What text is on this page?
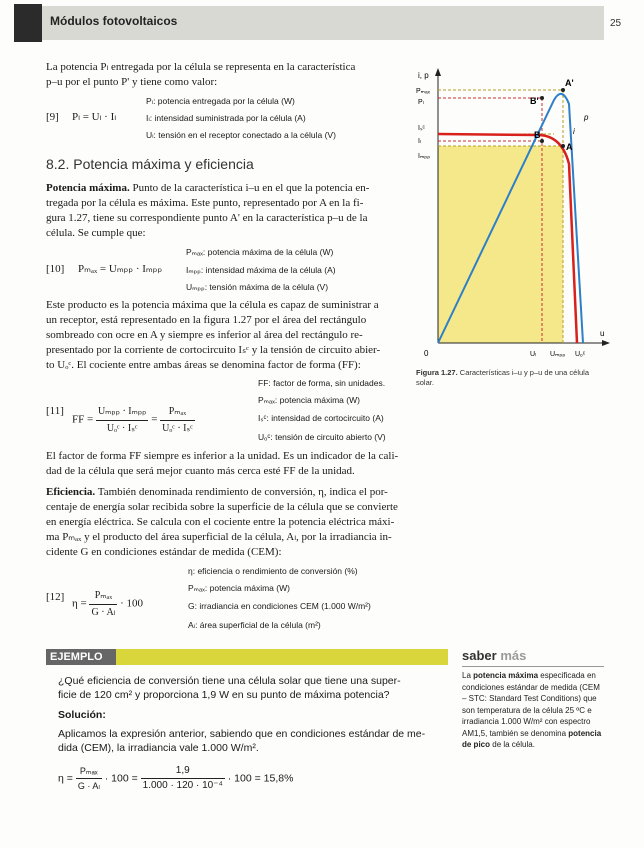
Módulos fotovoltaicos	25
La potencia Pₗ entregada por la célula se representa en la característica
p–u por el punto P' y tiene como valor:
Pₗ: potencia entregada por la célula (W)
[9] Pₗ = Uₗ · Iₗ	Iₗ: intensidad suministrada por la célula (A)
Uₗ: tensión en el receptor conectado a la célula (V)
8.2. Potencia máxima y eficiencia
Potencia máxima. Punto de la característica i–u en el que la potencia en-
tregada por la célula es máxima. Este punto, representado por A en la fi-
gura 1.27, tiene su correspondiente punto A' en la característica p–u de la
célula. Se cumple que:
Pₘₐₓ: potencia máxima de la célula (W)
[10] Pₘₐₓ = Uₘₚₚ · Iₘₚₚ	Iₘₚₚ: intensidad máxima de la célula (A)
Uₘₚₚ: tensión máxima de la célula (V)
Este producto es la potencia máxima que la célula es capaz de suministrar a
un receptor, está representado en la figura 1.27 por el área del rectángulo
sombreado con ocre en A y siempre es inferior al área del rectángulo re-
presentado por la corriente de cortocircuito Iₛᶜ y la tensión de circuito abier-
to Uₒᶜ. El cociente entre ambas áreas se denomina factor de forma (FF):
FF: factor de forma, sin unidades.
Pₘₐₓ: potencia máxima (W)
[11]
FF = $\frac{\text{Uₘₚₚ · Iₘₚₚ}}{\text{Uₒᶜ · Iₛᶜ}} = \frac{\text{Pₘₐₓ}}{\text{Uₒᶜ · Iₛᶜ}}$	Iₛᶜ: intensidad de cortocircuito (A)
Uₒᶜ: tensión de circuito abierto (V)
El factor de forma FF siempre es inferior a la unidad. Es un indicador de la cali-
dad de la célula que será mejor cuanto más cerca esté FF de la unidad.
Eficiencia. También denominada rendimiento de conversión, η, indica el por-
centaje de energía solar recibida sobre la superficie de la célula que se convierte
en energía eléctrica. Se calcula con el cociente entre la potencia eléctrica máxi-
ma Pₘₐₓ y el producto del área superficial de la célula, Aₗ, por la irradiancia in-
cidente G en condiciones estándar de medida (CEM):
η: eficiencia o rendimiento de conversión (%)
Pₘₐₓ: potencia máxima (W)
[12]
$\eta = \frac{\text{Pₘₐₓ}}{\text{G · Aₗ}} \cdot 100$	G: irradiancia en condiciones CEM (1.000 W/m²)
Aₗ: área superficial de la célula (m²)
EJEMPLO
¿Qué eficiencia de conversión tiene una célula solar que tiene una super-
ficie de 120 cm² y proporciona 1,9 W en su punto de máxima potencia?
Solución:
Aplicamos la expresión anterior, sabiendo que en condiciones estándar de me-
dida (CEM), la irradiancia vale 1.000 W/m².
$\eta = \frac{\text{Pₘₐₓ}}{\text{G · Aₗ}} \cdot 100 = \frac{1,9}{\text{1.000 · 120 · 10⁻⁴}} \cdot 100 = 15,8\%$
saber más
La potencia máxima especificada en condiciones estándar de medida (CEM – STC: Standard Test Conditions) que son temperatura de la célula 25 ºC e irradiancia 1.000 W/m² con espectro AM1,5, también se denomina potencia de pico de la célula.
i, p
u
0
Pₘₐₓ
Pₗ
Iₛᶜ
Iₗ
Iₘₚₚ
Uₗ Uₘₚₚ Uₒᶜ
A'
B'
A
B	i
p
Figura 1.27. Características i–u y p–u de una célula solar.
